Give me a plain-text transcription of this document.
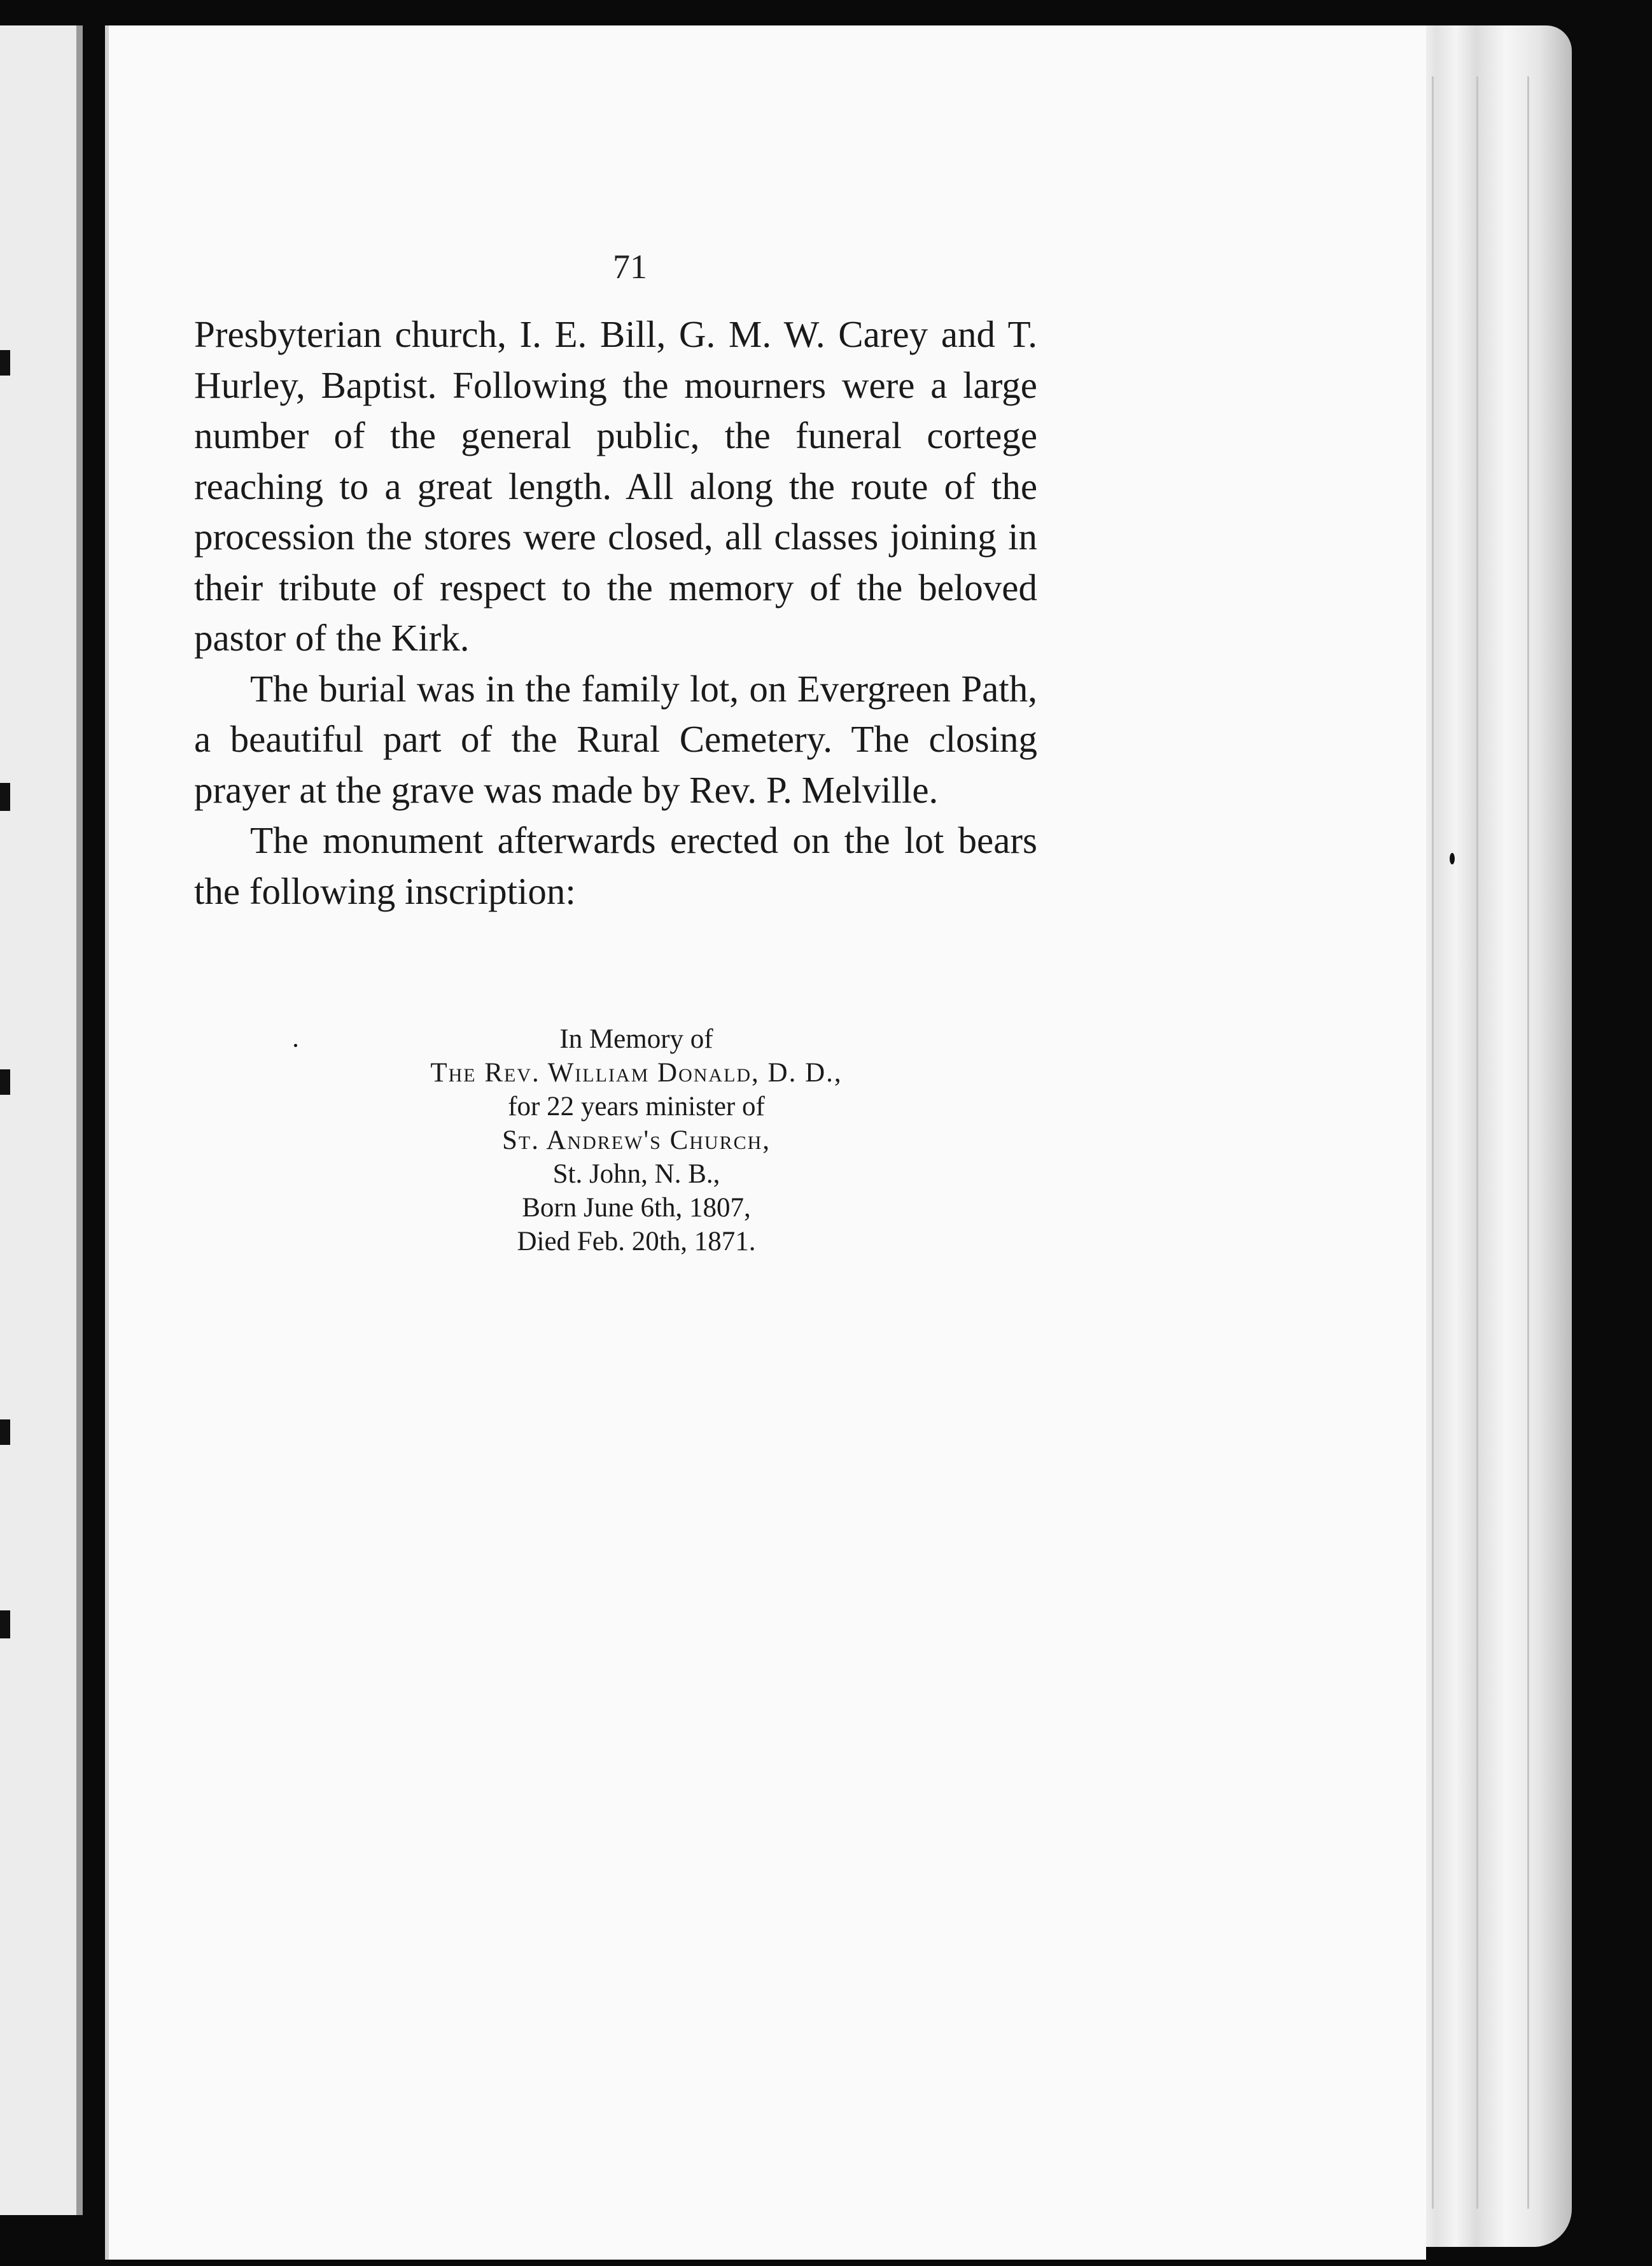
71

Presbyterian church, I. E. Bill, G. M. W. Carey and T. Hurley, Baptist. Following the mourners were a large number of the general public, the funeral cortege reaching to a great length. All along the route of the procession the stores were closed, all classes joining in their tribute of respect to the memory of the beloved pastor of the Kirk.

The burial was in the family lot, on Evergreen Path, a beautiful part of the Rural Cemetery. The closing prayer at the grave was made by Rev. P. Melville.

The monument afterwards erected on the lot bears the following inscription:

In Memory of
The Rev. William Donald, D. D.,
for 22 years minister of
St. Andrew's Church,
St. John, N. B.,
Born June 6th, 1807,
Died Feb. 20th, 1871.
